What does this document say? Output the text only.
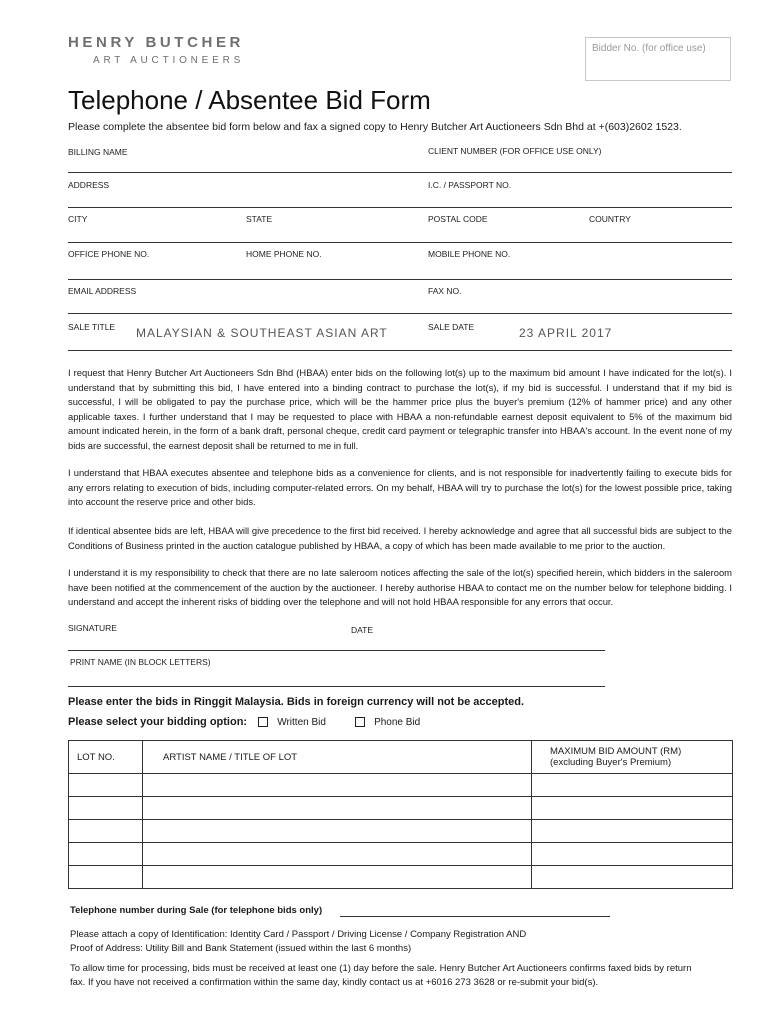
HENRY BUTCHER
ART AUCTIONEERS
Bidder No. (for office use)
Telephone / Absentee Bid Form
Please complete the absentee bid form below and fax a signed copy to Henry Butcher Art Auctioneers Sdn Bhd at +(603)2602 1523.
BILLING NAME	CLIENT NUMBER (FOR OFFICE USE ONLY)
ADDRESS	I.C. / PASSPORT NO.
CITY	STATE	POSTAL CODE	COUNTRY
OFFICE PHONE NO.	HOME PHONE NO.	MOBILE PHONE NO.
EMAIL ADDRESS	FAX NO.
SALE TITLE MALAYSIAN & SOUTHEAST ASIAN ART	SALE DATE	23 APRIL 2017
I request that Henry Butcher Art Auctioneers Sdn Bhd (HBAA) enter bids on the following lot(s) up to the maximum bid amount I have indicated for the lot(s). I understand that by submitting this bid, I have entered into a binding contract to purchase the lot(s), if my bid is successful. I understand that if my bid is successful, I will be obligated to pay the purchase price, which will be the hammer price plus the buyer's premium (12% of hammer price) and any other applicable taxes. I further understand that I may be requested to place with HBAA a non-refundable earnest deposit equivalent to 5% of the maximum bid amount indicated herein, in the form of a bank draft, personal cheque, credit card payment or telegraphic transfer into HBAA's account. In the event none of my bids are successful, the earnest deposit shall be returned to me in full.
I understand that HBAA executes absentee and telephone bids as a convenience for clients, and is not responsible for inadvertently failing to execute bids for any errors relating to execution of bids, including computer-related errors. On my behalf, HBAA will try to purchase the lot(s) for the lowest possible price, taking into account the reserve price and other bids.
If identical absentee bids are left, HBAA will give precedence to the first bid received. I hereby acknowledge and agree that all successful bids are subject to the Conditions of Business printed in the auction catalogue published by HBAA, a copy of which has been made available to me prior to the auction.
I understand it is my responsibility to check that there are no late saleroom notices affecting the sale of the lot(s) specified herein, which bidders in the saleroom have been notified at the commencement of the auction by the auctioneer. I hereby authorise HBAA to contact me on the number below for telephone bidding. I understand and accept the inherent risks of bidding over the telephone and will not hold HBAA responsible for any errors that occur.
SIGNATURE	DATE
PRINT NAME (IN BLOCK LETTERS)
Please enter the bids in Ringgit Malaysia. Bids in foreign currency will not be accepted.
Please select your bidding option:	Written Bid	Phone Bid
LOT NO.	ARTIST NAME / TITLE OF LOT	MAXIMUM BID AMOUNT (RM)
(excluding Buyer's Premium)

Telephone number during Sale (for telephone bids only)
Please attach a copy of Identification: Identity Card / Passport / Driving License / Company Registration AND
Proof of Address: Utility Bill and Bank Statement (issued within the last 6 months)
To allow time for processing, bids must be received at least one (1) day before the sale. Henry Butcher Art Auctioneers confirms faxed bids by return
fax. If you have not received a confirmation within the same day, kindly contact us at +6016 273 3628 or re-submit your bid(s).
